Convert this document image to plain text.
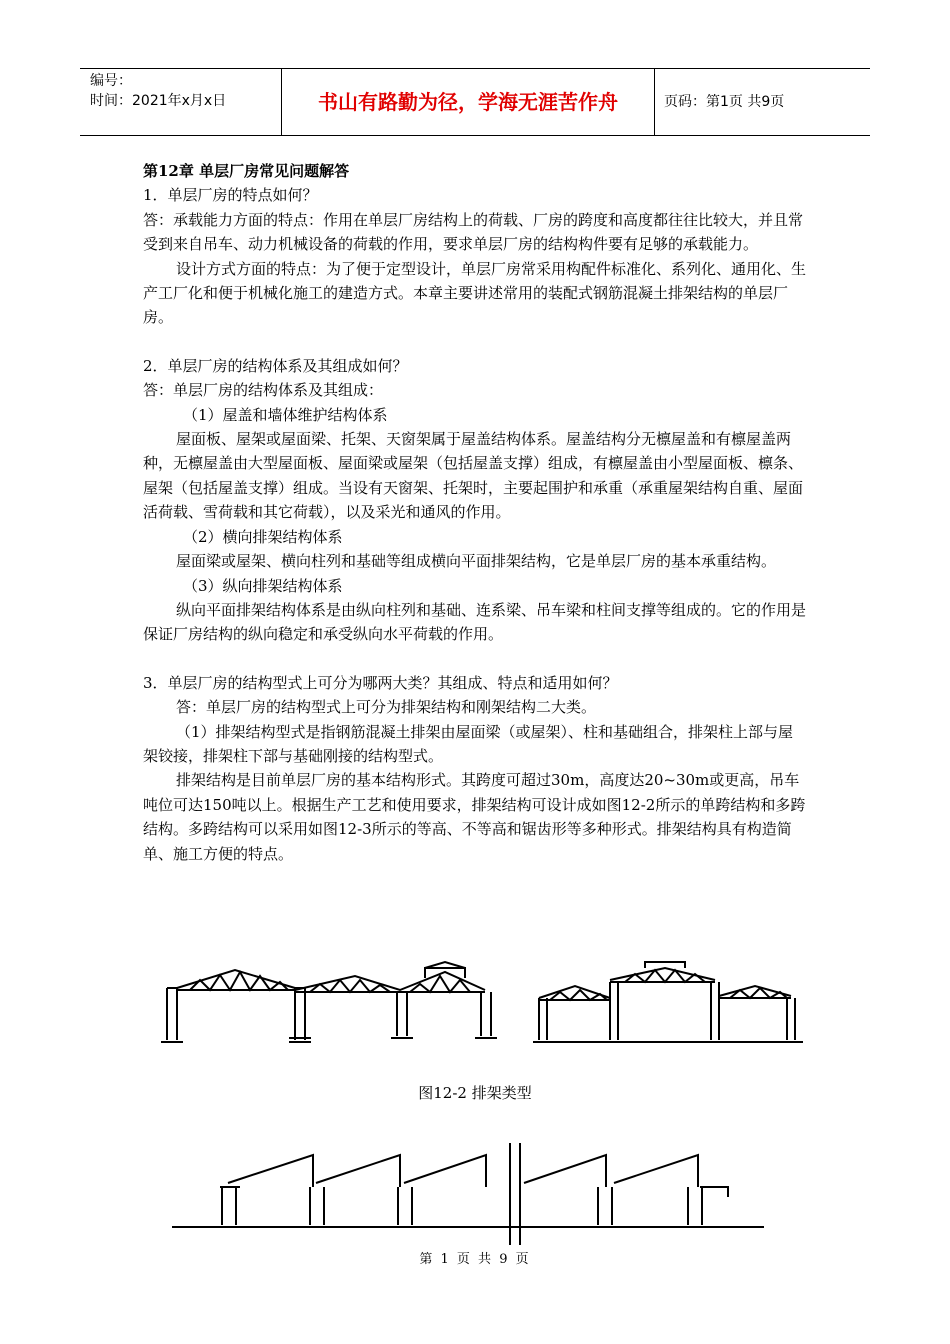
编号：
时间：2021年x月x日	书山有路勤为径，学海无涯苦作舟	页码：第1页 共9页

第12章 单层厂房常见问题解答

1．单层厂房的特点如何？

答：承载能力方面的特点：作用在单层厂房结构上的荷载、厂房的跨度和高度都往往比较大，并且常受到来自吊车、动力机械设备的荷载的作用，要求单层厂房的结构构件要有足够的承载能力。

设计方式方面的特点：为了便于定型设计，单层厂房常采用构配件标准化、系列化、通用化、生产工厂化和便于机械化施工的建造方式。本章主要讲述常用的装配式钢筋混凝土排架结构的单层厂房。

2．单层厂房的结构体系及其组成如何？

答：单层厂房的结构体系及其组成：

（1）屋盖和墙体维护结构体系

屋面板、屋架或屋面梁、托架、天窗架属于屋盖结构体系。屋盖结构分无檩屋盖和有檩屋盖两种，无檩屋盖由大型屋面板、屋面梁或屋架（包括屋盖支撑）组成，有檩屋盖由小型屋面板、檩条、屋架（包括屋盖支撑）组成。当设有天窗架、托架时，主要起围护和承重（承重屋架结构自重、屋面活荷载、雪荷载和其它荷载），以及采光和通风的作用。

（2）横向排架结构体系

屋面梁或屋架、横向柱列和基础等组成横向平面排架结构，它是单层厂房的基本承重结构。

（3）纵向排架结构体系

纵向平面排架结构体系是由纵向柱列和基础、连系梁、吊车梁和柱间支撑等组成的。它的作用是保证厂房结构的纵向稳定和承受纵向水平荷载的作用。

3．单层厂房的结构型式上可分为哪两大类？其组成、特点和适用如何？

答：单层厂房的结构型式上可分为排架结构和刚架结构二大类。

（1）排架结构型式是指钢筋混凝土排架由屋面梁（或屋架）、柱和基础组合，排架柱上部与屋架铰接，排架柱下部与基础刚接的结构型式。

排架结构是目前单层厂房的基本结构形式。其跨度可超过30m，高度达20~30m或更高，吊车吨位可达150吨以上。根据生产工艺和使用要求，排架结构可设计成如图12-2所示的单跨结构和多跨结构。多跨结构可以采用如图12-3所示的等高、不等高和锯齿形等多种形式。排架结构具有构造简单、施工方便的特点。

图12-2 排架类型
第 1 页 共 9 页
